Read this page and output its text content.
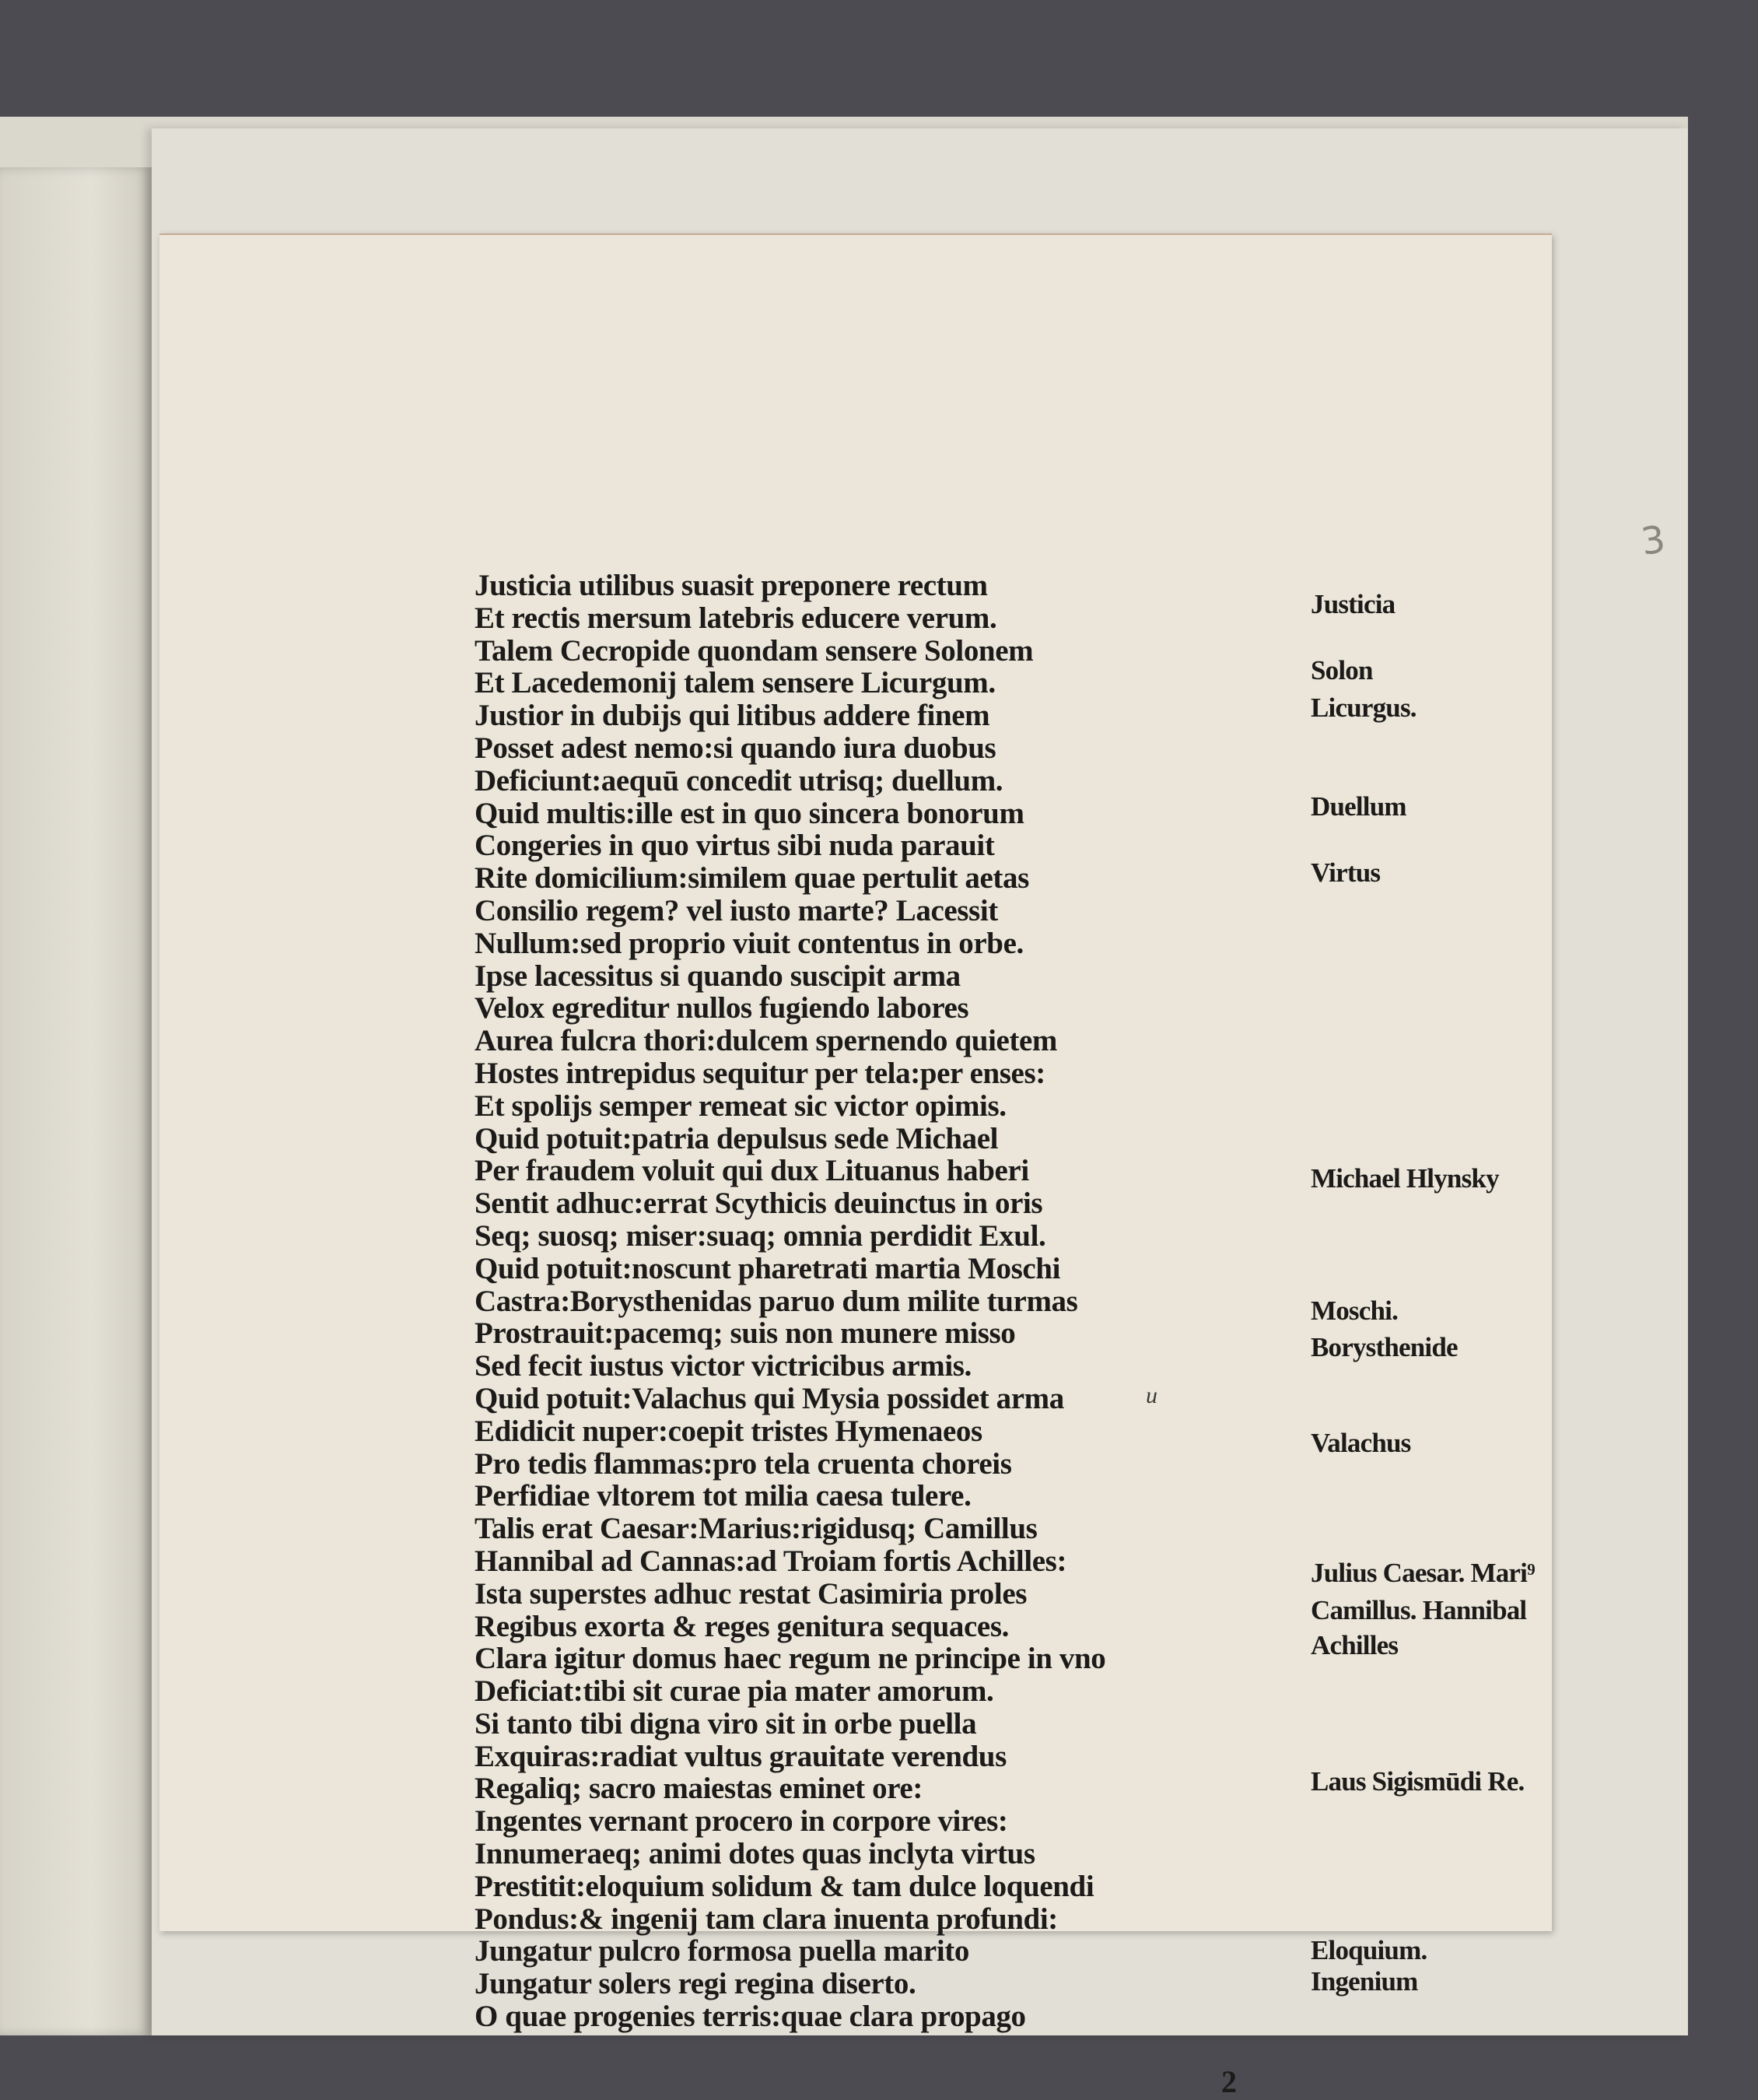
3
Justicia utilibus suasit preponere rectum
Et rectis mersum latebris educere verum.
Talem Cecropide quondam sensere Solonem
Et Lacedemonij talem sensere Licurgum.
Justior in dubijs qui litibus addere finem
Posset adest nemo:si quando iura duobus
Deficiunt:aequū concedit utrisq; duellum.
Quid multis:ille est in quo sincera bonorum
Congeries in quo virtus sibi nuda parauit
Rite domicilium:similem quae pertulit aetas
Consilio regem? vel iusto marte? Lacessit
Nullum:sed proprio viuit contentus in orbe.
Ipse lacessitus si quando suscipit arma
Velox egreditur nullos fugiendo labores
Aurea fulcra thori:dulcem spernendo quietem
Hostes intrepidus sequitur per tela:per enses:
Et spolijs semper remeat sic victor opimis.
Quid potuit:patria depulsus sede Michael
Per fraudem voluit qui dux Lituanus haberi
Sentit adhuc:errat Scythicis deuinctus in oris
Seq; suosq; miser:suaq; omnia perdidit Exul.
Quid potuit:noscunt pharetrati martia Moschi
Castra:Borysthenidas paruo dum milite turmas
Prostrauit:pacemq; suis non munere misso
Sed fecit iustus victor victricibus armis.
Quid potuit:Valachus qui Mysia possidet arma
Edidicit nuper:coepit tristes Hymenaeos
Pro tedis flammas:pro tela cruenta choreis
Perfidiae vltorem tot milia caesa tulere.
Talis erat Caesar:Marius:rigidusq; Camillus
Hannibal ad Cannas:ad Troiam fortis Achilles:
Ista superstes adhuc restat Casimiria proles
Regibus exorta & reges genitura sequaces.
Clara igitur domus haec regum ne principe in vno
Deficiat:tibi sit curae pia mater amorum.
Si tanto tibi digna viro sit in orbe puella
Exquiras:radiat vultus grauitate verendus
Regaliq; sacro maiestas eminet ore:
Ingentes vernant procero in corpore vires:
Innumeraeq; animi dotes quas inclyta virtus
Prestitit:eloquium solidum & tam dulce loquendi
Pondus:& ingenij tam clara inuenta profundi:
Jungatur pulcro formosa puella marito
Jungatur solers regi regina diserto.
O quae progenies terris:quae clara propago
u
Justicia
Solon
Licurgus.
Duellum
Virtus
Michael Hlynsky
Moschi.
Borysthenide
Valachus
Julius Caesar. Mari⁹
Camillus. Hannibal
Achilles
Laus Sigismūdi Re.
Eloquium.
Ingenium
2
